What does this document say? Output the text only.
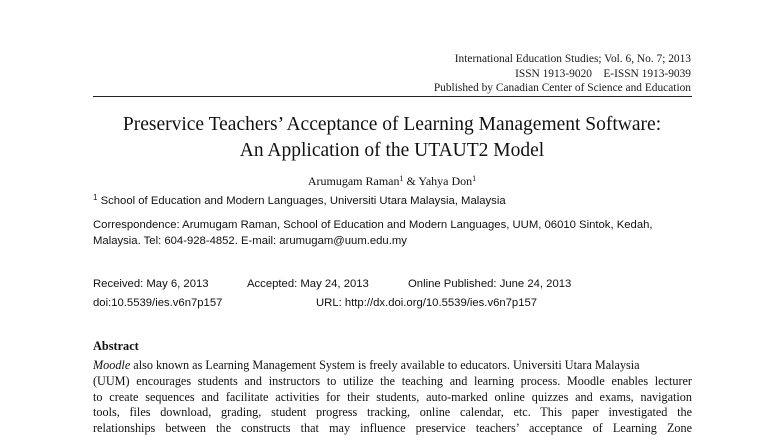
International Education Studies; Vol. 6, No. 7; 2013
ISSN 1913-9020    E-ISSN 1913-9039
Published by Canadian Center of Science and Education
Preservice Teachers’ Acceptance of Learning Management Software:
An Application of the UTAUT2 Model
Arumugam Raman$^1$ & Yahya Don$^1$
$^1$ School of Education and Modern Languages, Universiti Utara Malaysia, Malaysia
Correspondence: Arumugam Raman, School of Education and Modern Languages, UUM, 06010 Sintok, Kedah,
Malaysia. Tel: 604-928-4852. E-mail: arumugam@uum.edu.my
Received: May 6, 2013	Accepted: May 24, 2013	Online Published: June 24, 2013
doi:10.5539/ies.v6n7p157	URL: http://dx.doi.org/10.5539/ies.v6n7p157
Abstract
Moodle also known as Learning Management System is freely available to educators. Universiti Utara Malaysia
(UUM) encourages students and instructors to utilize the teaching and learning process. Moodle enables lecturer
to create sequences and facilitate activities for their students, auto-marked online quizzes and exams, navigation
tools, files download, grading, student progress tracking, online calendar, etc. This paper investigated the
relationships between the constructs that may influence preservice teachers’ acceptance of Learning Zone
